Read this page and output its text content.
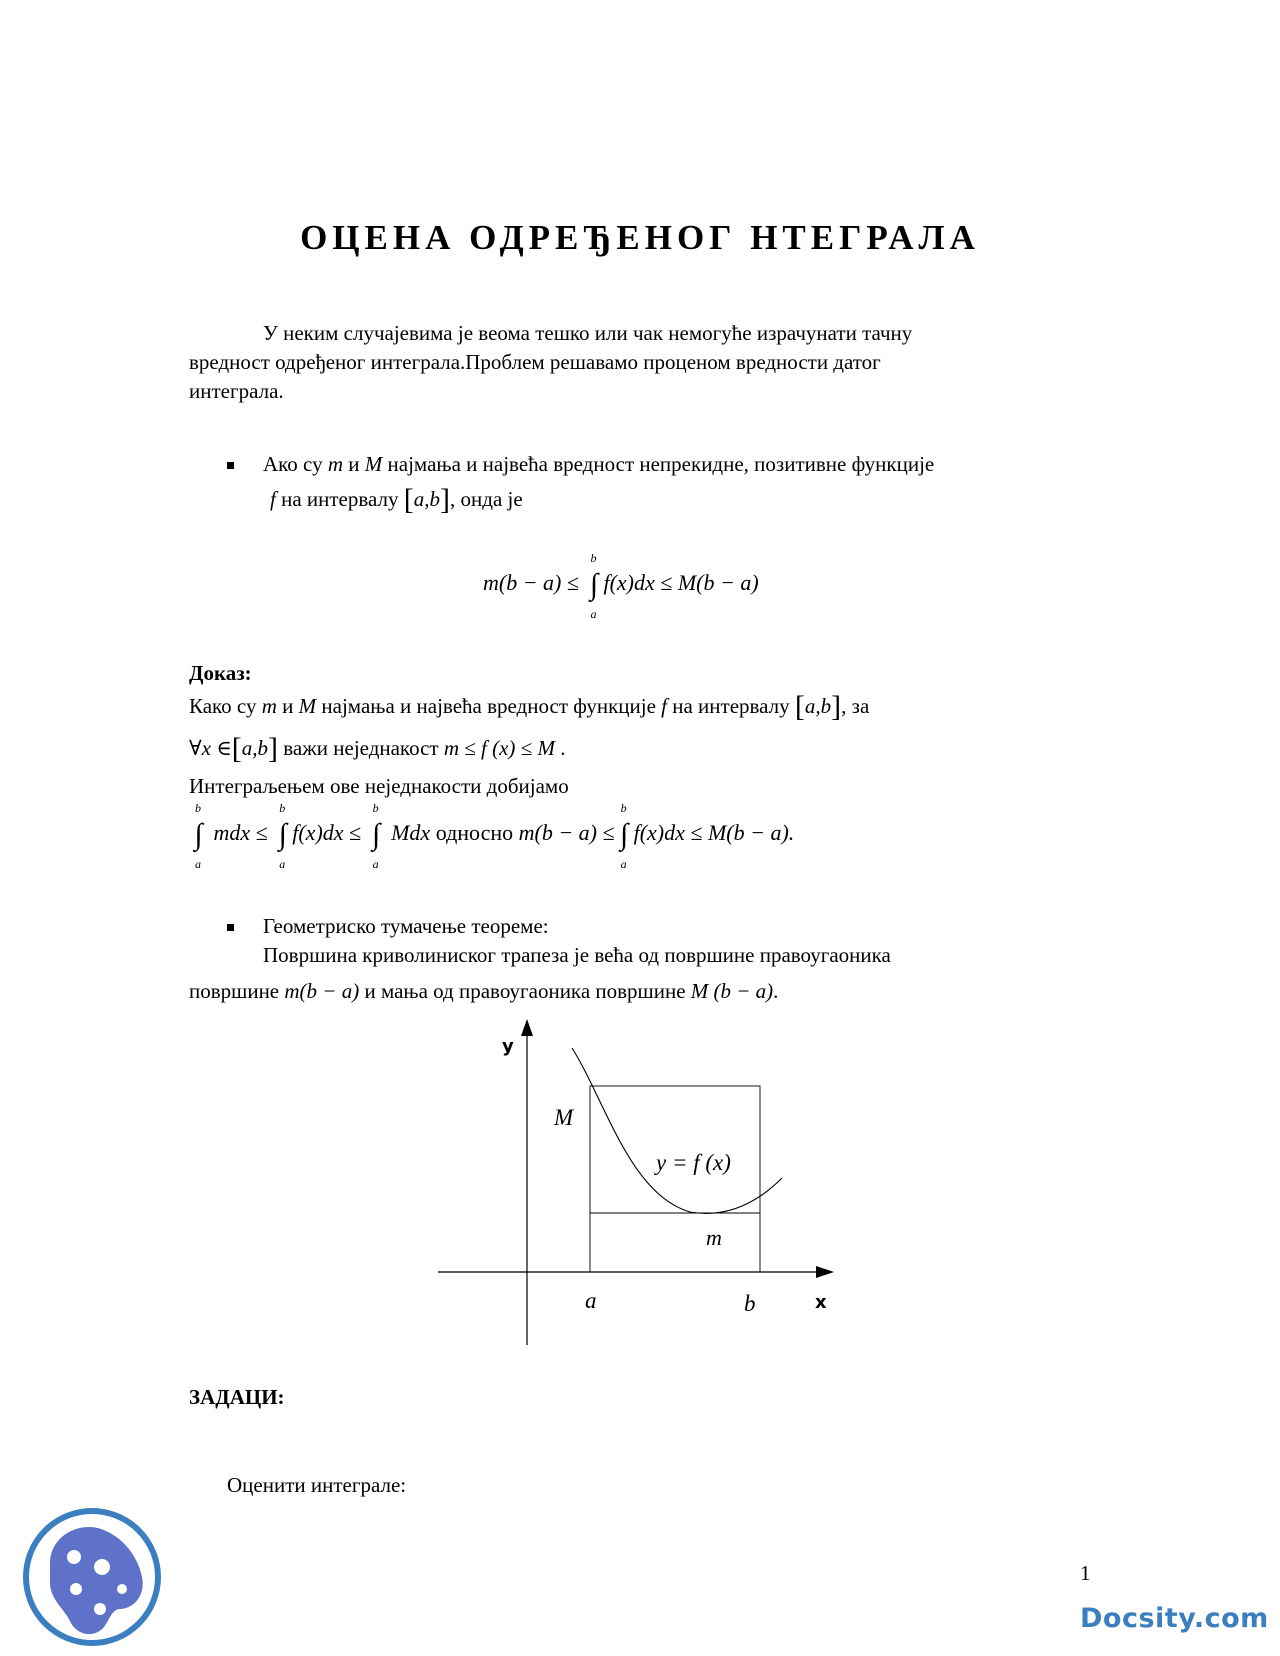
ОЦЕНА ОДРЕЂЕНОГ НТЕГРАЛА
У неким случајевима је веома тешко или чак немогуће израчунати тачну
вредност одређеног интеграла.Проблем решавамо проценом вредности датог
интеграла.
Ако су m и M најмања и највећа вредност непрекидне, позитивне функције
f на интервалу [a,b], онда је
m(b − a) ≤
b
∫
a
f(x)dx ≤ M(b − a)
Доказ:
Како су m и M најмања и највећа вредност функције f на интервалу [a,b], за
∀x ∈[a,b] важи неједнакост m ≤ f (x) ≤ M .
Интеграљењем ове неједнакости добијамо
b
∫
a
mdx ≤
b
∫
a
f(x)dx ≤
b
∫
a
Mdx односно m(b − a) ≤
b
∫
a
f(x)dx ≤ M(b − a).
Геометриско тумачење теореме:
Површина криволиниског трапеза је већа од површине правоугаоника
површине m(b − a) и мања од правоугаоника површине M (b − a).
y
x
M
m
y = f (x)
a	b
ЗАДАЦИ:
Оценити интеграле:
1
Docsity.com
